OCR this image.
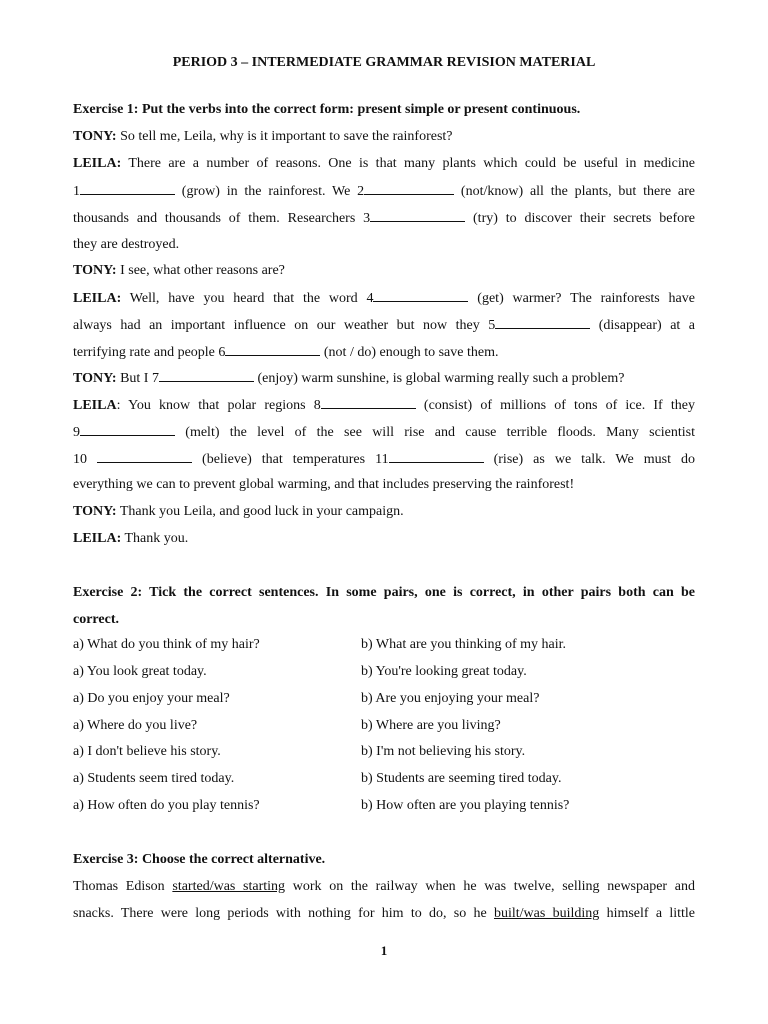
PERIOD 3 – INTERMEDIATE GRAMMAR REVISION MATERIAL
Exercise 1: Put the verbs into the correct form: present simple or present continuous.
TONY: So tell me, Leila, why is it important to save the rainforest?
LEILA: There are a number of reasons. One is that many plants which could be useful in medicine
1	(grow) in the rainforest. We 2	(not/know) all the plants, but there are
thousands and thousands of them. Researchers 3	(try) to discover their secrets before
they are destroyed.
TONY: I see, what other reasons are?
LEILA: Well, have you heard that the word 4	(get) warmer? The rainforests have
always had an important influence on our weather but now they 5	(disappear) at a
terrifying rate and people 6	(not / do) enough to save them.
TONY: But I 7	(enjoy) warm sunshine, is global warming really such a problem?
LEILA: You know that polar regions 8	(consist) of millions of tons of ice. If they
9	(melt) the level of the see will rise and cause terrible floods. Many scientist
10	(believe) that temperatures 11	(rise) as we talk. We must do
everything we can to prevent global warming, and that includes preserving the rainforest!
TONY: Thank you Leila, and good luck in your campaign.
LEILA: Thank you.
Exercise 2: Tick the correct sentences. In some pairs, one is correct, in other pairs both can be
correct.
a) What do you think of my hair?	b) What are you thinking of my hair.
a) You look great today.	b) You're looking great today.
a) Do you enjoy your meal?	b) Are you enjoying your meal?
a) Where do you live?	b) Where are you living?
a) I don't believe his story.	b) I'm not believing his story.
a) Students seem tired today.	b) Students are seeming tired today.
a) How often do you play tennis?	b) How often are you playing tennis?
Exercise 3: Choose the correct alternative.
Thomas Edison started/was starting work on the railway when he was twelve, selling newspaper and
snacks. There were long periods with nothing for him to do, so he built/was building himself a little
1
